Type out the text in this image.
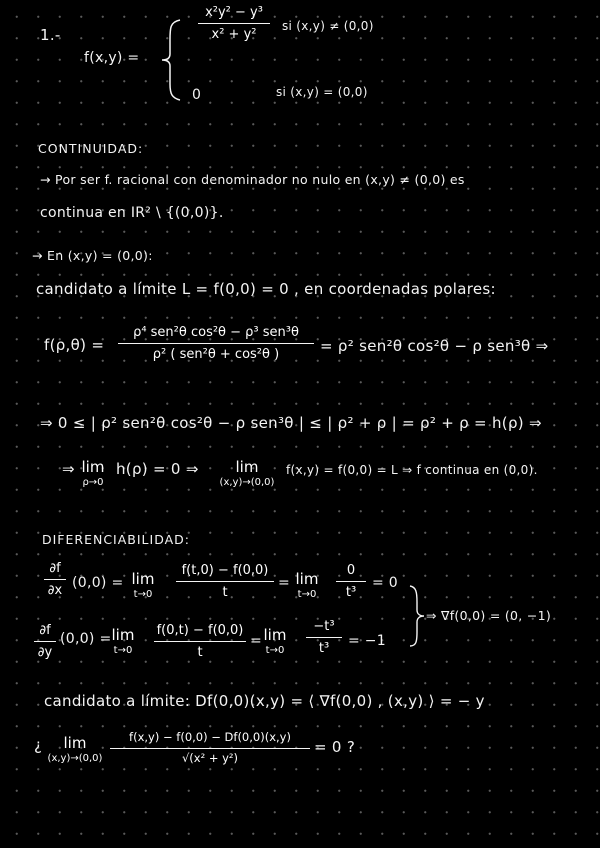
1.-
f(x,y) =
x²y² − y³
x² + y²
si (x,y) ≠ (0,0)
0	si (x,y) = (0,0)
CONTINUIDAD:
→ Por ser f. racional con denominador no nulo en (x,y) ≠ (0,0) es
continua en IR² \ {(0,0)}.
→ En (x,y) = (0,0):
candidato a límite L = f(0,0) = 0 , en coordenadas polares:
f(ρ,θ) =
ρ⁴ sen²θ cos²θ − ρ³ sen³θ
ρ² ( sen²θ + cos²θ )	= ρ² sen²θ cos²θ − ρ sen³θ ⇒
⇒ 0 ≤ | ρ² sen²θ cos²θ − ρ sen³θ | ≤ | ρ² + ρ | = ρ² + ρ = h(ρ) ⇒
⇒ lim
ρ→0
h(ρ) = 0 ⇒	lim
(x,y)→(0,0)
f(x,y) = f(0,0) = L ⇒ f continua en (0,0).
DIFERENCIABILIDAD:
∂f
∂x (0,0) = lim
t→0
f(t,0) − f(0,0)
t
= lim
t→0
0
t³
= 0
∂f
∂y
(0,0) = lim
t→0
f(0,t) − f(0,0)
t
= lim
t→0
−t³
t³	= −1
⇒ ∇f(0,0) = (0, −1)
candidato a límite: Df(0,0)(x,y) = ⟨ ∇f(0,0) , (x,y) ⟩ = − y
¿	lim
(x,y)→(0,0)
f(x,y) − f(0,0) − Df(0,0)(x,y)
√(x² + y²)
= 0 ?
